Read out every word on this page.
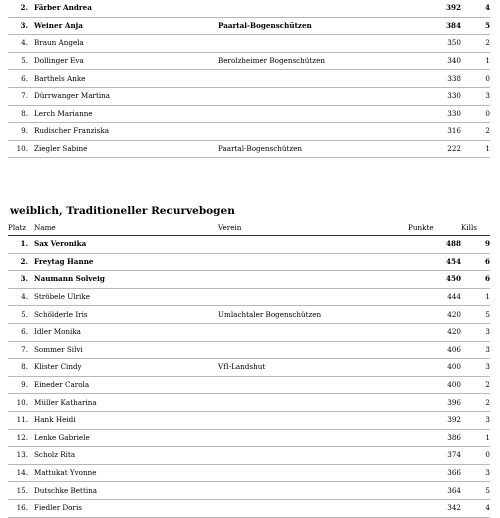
2.		Färber Andrea		392	4
3.		Weiner Anja	Paartal-Bogenschützen	384	5
4.		Braun Angela		350	2
5.		Dollinger Eva	Berolzheimer Bogenschützen	340	1
6.		Barthels Anke		338	0
7.		Dürrwanger Martina		330	3
8.		Lerch Marianne		330	0
9.		Rudischer Franziska		316	2
10.		Ziegler Sabine	Paartal-Bogenschützen	222	1
weiblich, Traditioneller Recurvebogen
Platz		Name	Verein	Punkte	Kills
1.		Sax Veronika		488	9
2.		Freytag Hanne		454	6
3.		Naumann Solveig		450	6
4.		Ströbele Ulrike		444	1
5.		Schölderle Iris	Umlachtaler Bogenschützen	420	5
6.		Idler Monika		420	3
7.		Sommer Silvi		406	3
8.		Klister Cindy	VfI-Landshut	400	3
9.		Eineder Carola		400	2
10.		Müller Katharina		396	2
11.		Hank Heidi		392	3
12.		Lenke Gabriele		386	1
13.		Scholz Rita		374	0
14.		Mattukat Yvonne		366	3
15.		Dutschke Bettina		364	5
16.		Fiedler Doris		342	4
